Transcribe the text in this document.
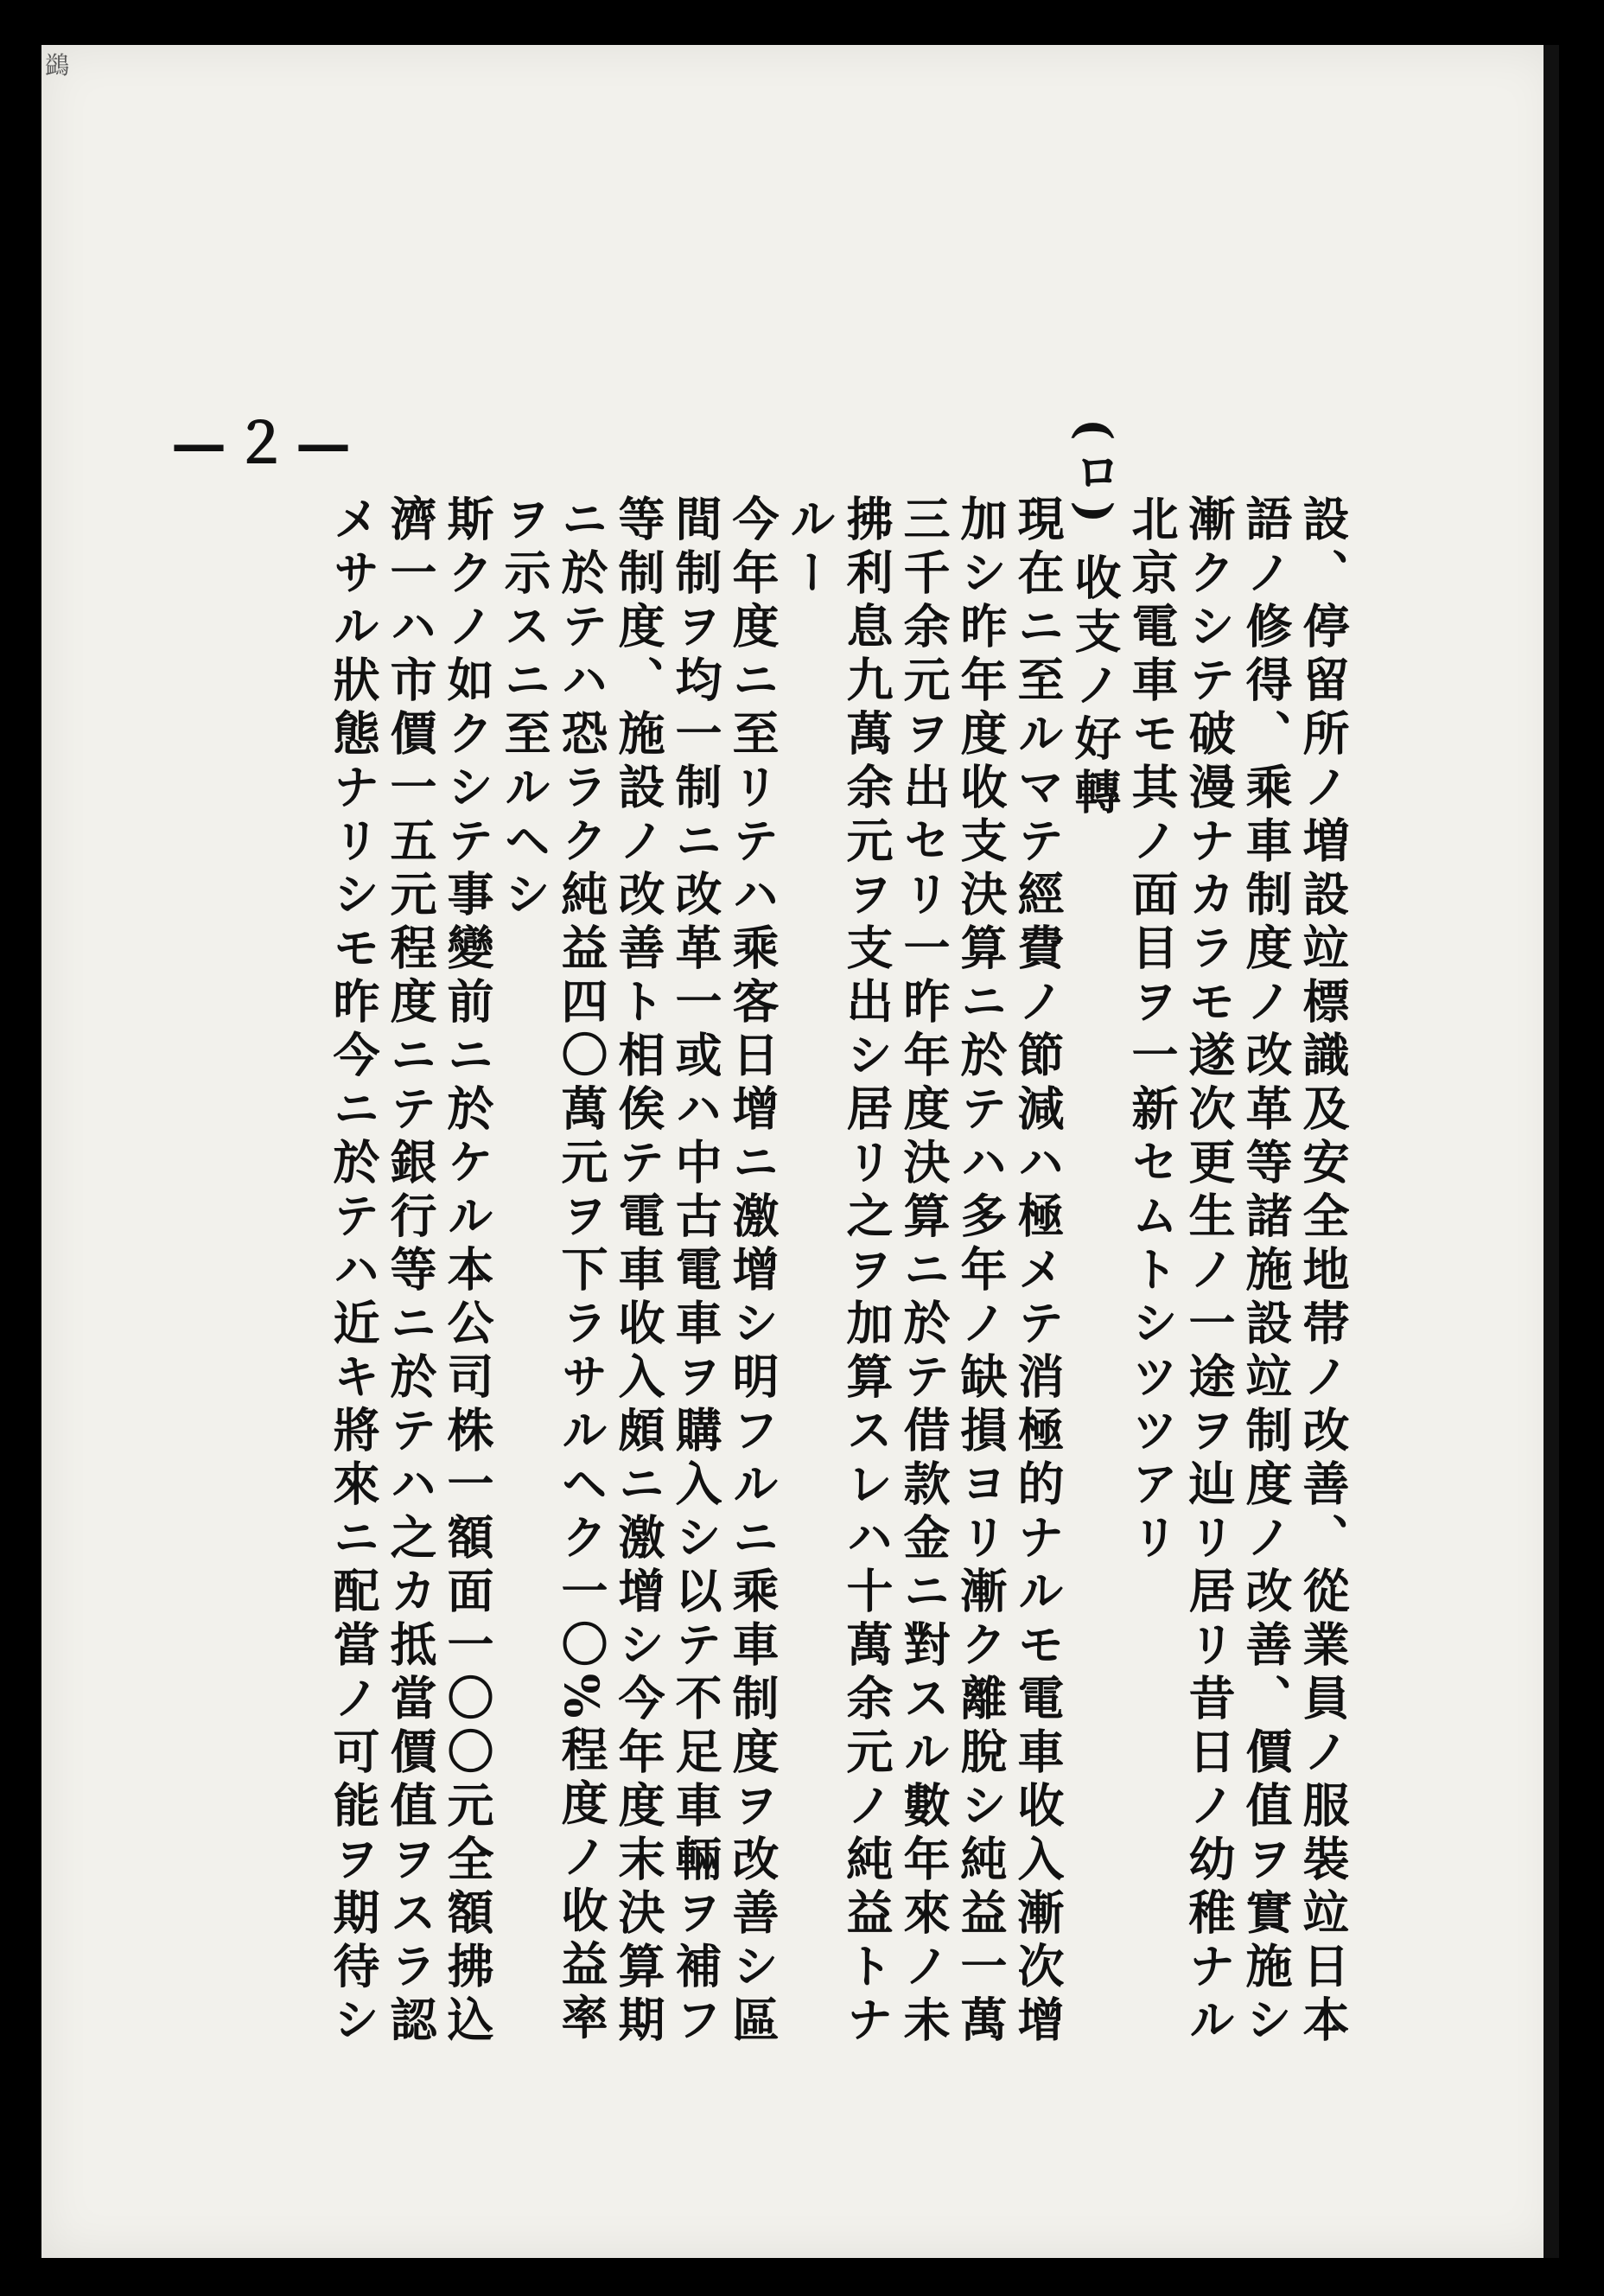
鷁
—２—
設、停留所ノ増設竝標識及安全地帯ノ改善、從業員ノ服裝竝日本
語ノ修得、乘車制度ノ改革等諸施設竝制度ノ改善、價值ヲ實施シ
漸クシテ破漫ナカラモ遂次更生ノ一途ヲ辿リ居リ昔日ノ幼稚ナル
北京電車モ其ノ面目ヲ一新セムトシツツアリ
(ロ) 收支ノ好轉
現在ニ至ルマテ經費ノ節減ハ極メテ消極的ナルモ電車收入漸次增
加シ昨年度收支決算ニ於テハ多年ノ缺損ヨリ漸ク離脫シ純益一萬
三千余元ヲ出セリ一昨年度決算ニ於テ借款金ニ對スル數年來ノ未
拂利息九萬余元ヲ支出シ居リ之ヲ加算スレハ十萬余元ノ純益トナ
ルー
今年度ニ至リテハ乘客日增ニ激增シ明フルニ乘車制度ヲ改善シ區
間制ヲ均一制ニ改革一或ハ中古電車ヲ購入シ以テ不足車輛ヲ補フ
等制度、施設ノ改善ト相俟テ電車收入頗ニ激增シ今年度末決算期
ニ於テハ恐ラク純益四〇萬元ヲ下ラサルヘク一〇%程度ノ收益率
ヲ示スニ至ルヘシ
斯クノ如クシテ事變前ニ於ケル本公司株一額面一〇〇元全額拂込
濟一ハ市價一五元程度ニテ銀行等ニ於テハ之カ抵當價值ヲスラ認
メサル狀態ナリシモ昨今ニ於テハ近キ將來ニ配當ノ可能ヲ期待シ
